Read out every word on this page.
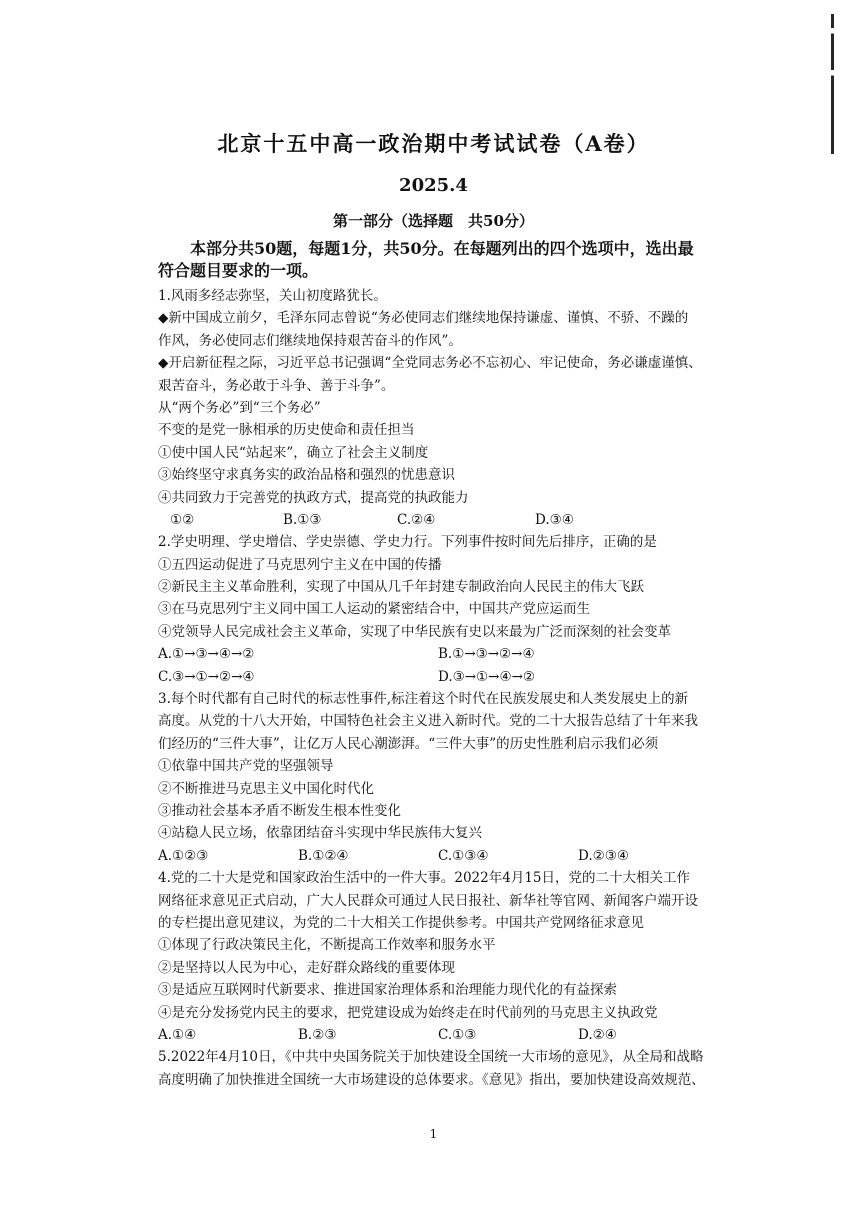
北京十五中高一政治期中考试试卷（A卷）
2025.4
第一部分（选择题　共50分）
本部分共50题，每题1分，共50分。在每题列出的四个选项中，选出最
符合题目要求的一项。
1.风雨多经志弥坚，关山初度路犹长。
◆新中国成立前夕，毛泽东同志曾说“务必使同志们继续地保持谦虚、谨慎、不骄、不躁的
作风，务必使同志们继续地保持艰苦奋斗的作风”。
◆开启新征程之际，习近平总书记强调“全党同志务必不忘初心、牢记使命，务必谦虚谨慎、
艰苦奋斗，务必敢于斗争、善于斗争”。
从“两个务必”到“三个务必”
不变的是党一脉相承的历史使命和责任担当
①使中国人民“站起来”，确立了社会主义制度
③始终坚守求真务实的政治品格和强烈的忧患意识
④共同致力于完善党的执政方式，提高党的执政能力
①②	B.①③	C.②④	D.③④
2.学史明理、学史增信、学史崇德、学史力行。下列事件按时间先后排序，正确的是
①五四运动促进了马克思列宁主义在中国的传播
②新民主主义革命胜利，实现了中国从几千年封建专制政治向人民民主的伟大飞跃
③在马克思列宁主义同中国工人运动的紧密结合中，中国共产党应运而生
④党领导人民完成社会主义革命，实现了中华民族有史以来最为广泛而深刻的社会变革
A.①→③→④→②	B.①→③→②→④
C.③→①→②→④	D.③→①→④→②
3.每个时代都有自己时代的标志性事件,标注着这个时代在民族发展史和人类发展史上的新
高度。从党的十八大开始，中国特色社会主义进入新时代。党的二十大报告总结了十年来我
们经历的“三件大事”，让亿万人民心潮澎湃。“三件大事”的历史性胜利启示我们必须
①依靠中国共产党的坚强领导
②不断推进马克思主义中国化时代化
③推动社会基本矛盾不断发生根本性变化
④站稳人民立场，依靠团结奋斗实现中华民族伟大复兴
A.①②③	B.①②④	C.①③④	D.②③④
4.党的二十大是党和国家政治生活中的一件大事。2022年4月15日，党的二十大相关工作
网络征求意见正式启动，广大人民群众可通过人民日报社、新华社等官网、新闻客户端开设
的专栏提出意见建议，为党的二十大相关工作提供参考。中国共产党网络征求意见
①体现了行政决策民主化，不断提高工作效率和服务水平
②是坚持以人民为中心，走好群众路线的重要体现
③是适应互联网时代新要求、推进国家治理体系和治理能力现代化的有益探索
④是充分发扬党内民主的要求，把党建设成为始终走在时代前列的马克思主义执政党
A.①④	B.②③	C.①③	D.②④
5.2022年4月10日，《中共中央国务院关于加快建设全国统一大市场的意见》，从全局和战略
高度明确了加快推进全国统一大市场建设的总体要求。《意见》指出，要加快建设高效规范、
1
